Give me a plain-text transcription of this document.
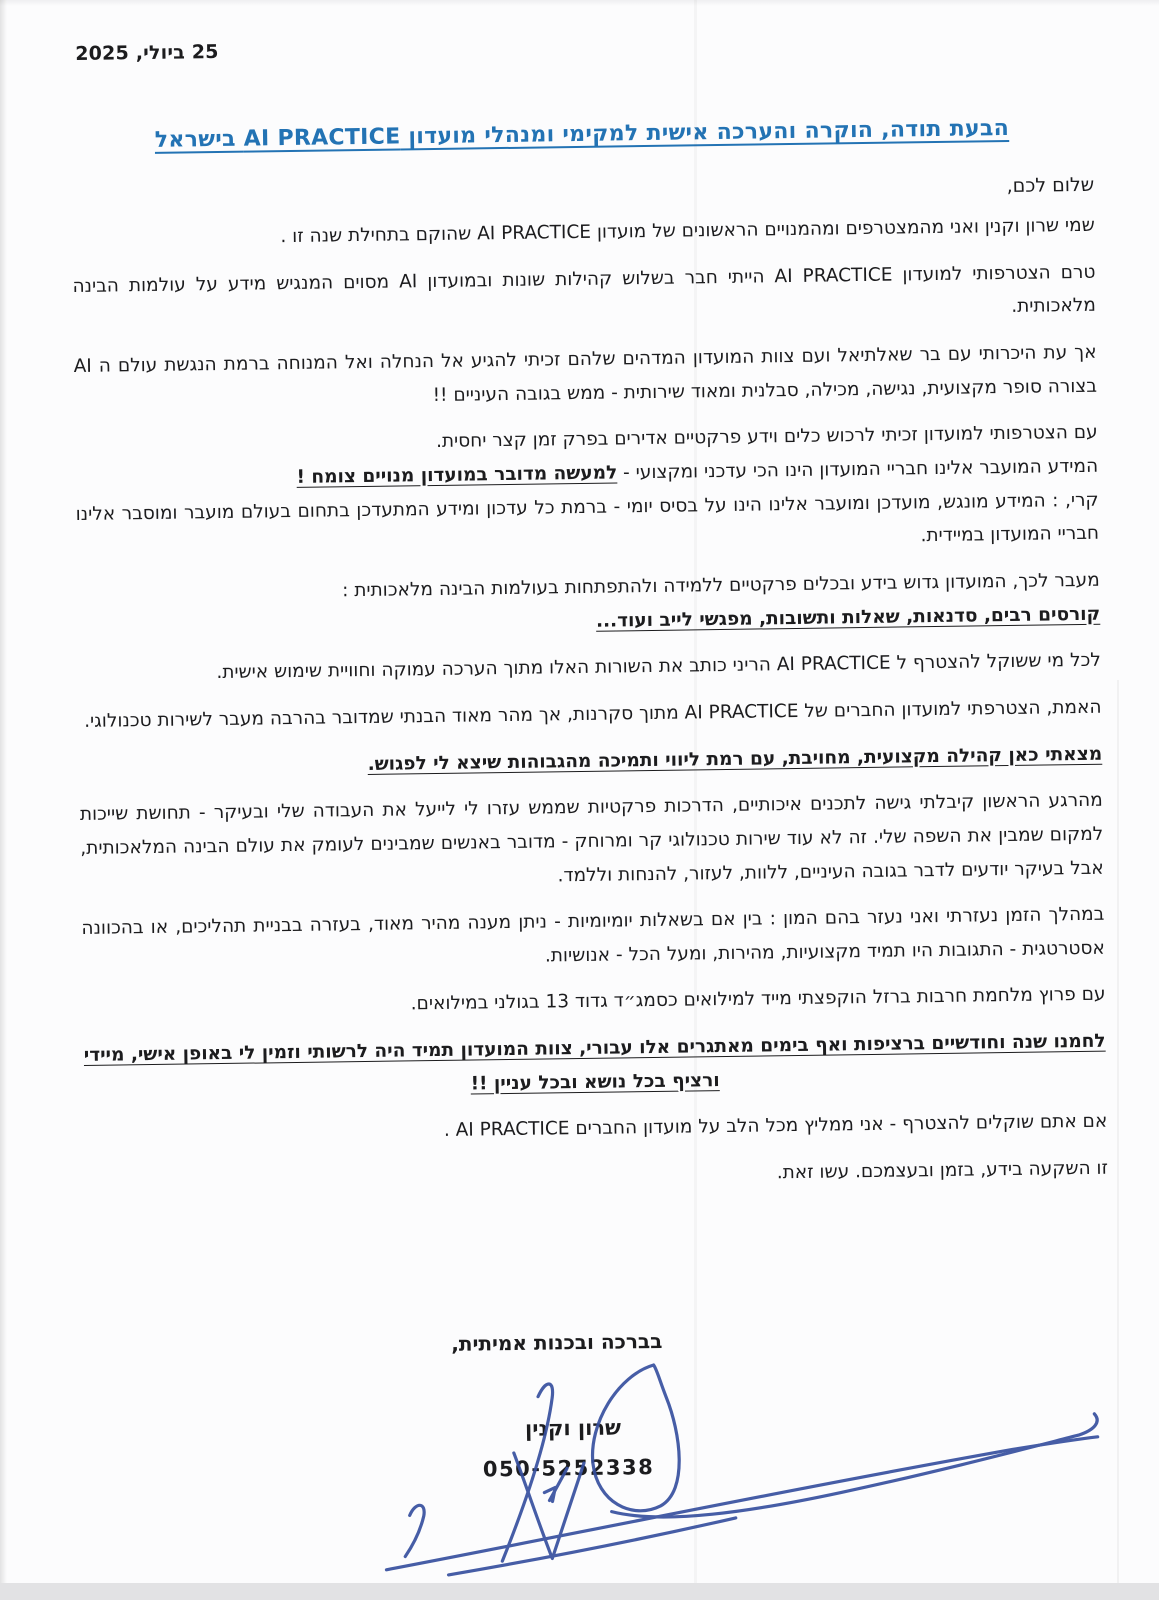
25 ביולי, 2025
הבעת תודה, הוקרה והערכה אישית למקימי ומנהלי מועדון AI PRACTICE בישראל
שלום לכם,

שמי שרון וקנין ואני מהמצטרפים ומהמנויים הראשונים של מועדון AI PRACTICE שהוקם בתחילת שנה זו .

טרם הצטרפותי למועדון AI PRACTICE הייתי חבר בשלוש קהילות שונות ובמועדון AI מסוים המנגיש מידע על עולמות הבינה מלאכותית.

אך עת היכרותי עם בר שאלתיאל ועם צוות המועדון המדהים שלהם זכיתי להגיע אל הנחלה ואל המנוחה ברמת הנגשת עולם ה AI בצורה סופר מקצועית, נגישה, מכילה, סבלנית ומאוד שירותית - ממש בגובה העיניים !!

עם הצטרפותי למועדון זכיתי לרכוש כלים וידע פרקטיים אדירים בפרק זמן קצר יחסית.
המידע המועבר אלינו חבריי המועדון הינו הכי עדכני ומקצועי - למעשה מדובר במועדון מנויים צומח !
קרי, : המידע מונגש, מועדכן ומועבר אלינו הינו על בסיס יומי - ברמת כל עדכון ומידע המתעדכן בתחום בעולם מועבר ומוסבר אלינו חבריי המועדון במיידית.

מעבר לכך, המועדון גדוש בידע ובכלים פרקטיים ללמידה ולהתפתחות בעולמות הבינה מלאכותית :
קורסים רבים, סדנאות, שאלות ותשובות, מפגשי לייב ועוד...

לכל מי ששוקל להצטרף ל AI PRACTICE הריני כותב את השורות האלו מתוך הערכה עמוקה וחוויית שימוש אישית.

האמת, הצטרפתי למועדון החברים של AI PRACTICE מתוך סקרנות, אך מהר מאוד הבנתי שמדובר בהרבה מעבר לשירות טכנולוגי.

מצאתי כאן קהילה מקצועית, מחויבת, עם רמת ליווי ותמיכה מהגבוהות שיצא לי לפגוש.

מהרגע הראשון קיבלתי גישה לתכנים איכותיים, הדרכות פרקטיות שממש עזרו לי לייעל את העבודה שלי ובעיקר - תחושת שייכות למקום שמבין את השפה שלי. זה לא עוד שירות טכנולוגי קר ומרוחק - מדובר באנשים שמבינים לעומק את עולם הבינה המלאכותית, אבל בעיקר יודעים לדבר בגובה העיניים, ללוות, לעזור, להנחות וללמד.

במהלך הזמן נעזרתי ואני נעזר בהם המון : בין אם בשאלות יומיומיות - ניתן מענה מהיר מאוד, בעזרה בבניית תהליכים, או בהכוונה אסטרטגית - התגובות היו תמיד מקצועיות, מהירות, ומעל הכל - אנושיות.

עם פרוץ מלחמת חרבות ברזל הוקפצתי מייד למילואים כסמג״ד גדוד 13 בגולני במילואים.

לחמנו שנה וחודשיים ברציפות ואף בימים מאתגרים אלו עבורי, צוות המועדון תמיד היה לרשותי וזמין לי באופן אישי, מיידי ורציף בכל נושא ובכל עניין !!

אם אתם שוקלים להצטרף - אני ממליץ מכל הלב על מועדון החברים AI PRACTICE .

זו השקעה בידע, בזמן ובעצמכם. עשו זאת.

בברכה ובכנות אמיתית,
שרון וקנין
050-5252338
